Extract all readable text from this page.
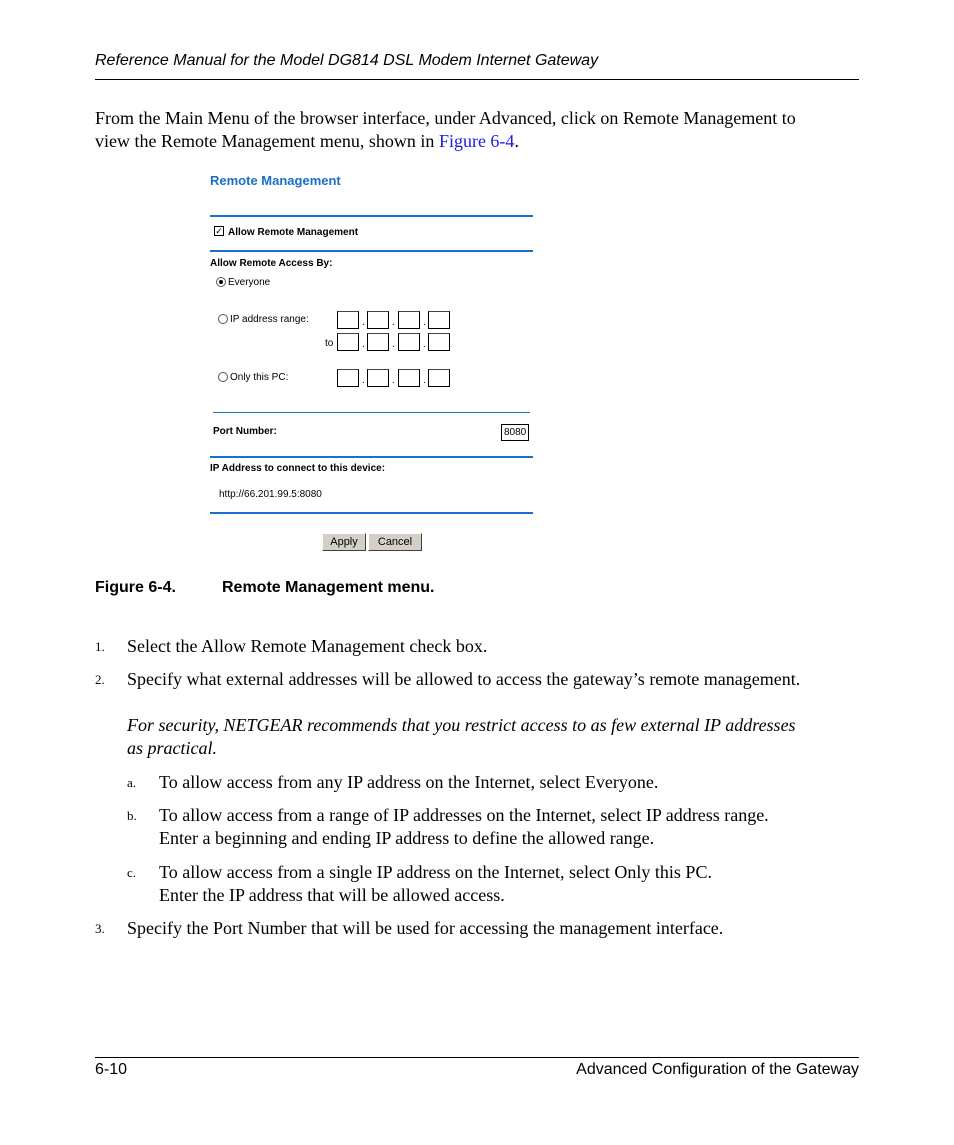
Reference Manual for the Model DG814 DSL Modem Internet Gateway
From the Main Menu of the browser interface, under Advanced, click on Remote Management to
view the Remote Management menu, shown in Figure 6-4.
Remote Management
✓ Allow Remote Management
Allow Remote Access By:
Everyone
IP address range:	.	.	.
to	.	.	.
Only this PC:	.	.	.
Port Number:	8080
IP Address to connect to this device:
http://66.201.99.5:8080
Apply	Cancel
Figure 6-4.	Remote Management menu.
1. Select the Allow Remote Management check box.
2. Specify what external addresses will be allowed to access the gateway’s remote management.
For security, NETGEAR recommends that you restrict access to as few external IP addresses
as practical.
a. To allow access from any IP address on the Internet, select Everyone.
b. To allow access from a range of IP addresses on the Internet, select IP address range.
Enter a beginning and ending IP address to define the allowed range.
c. To allow access from a single IP address on the Internet, select Only this PC.
Enter the IP address that will be allowed access.
3. Specify the Port Number that will be used for accessing the management interface.
6-10	Advanced Configuration of the Gateway
